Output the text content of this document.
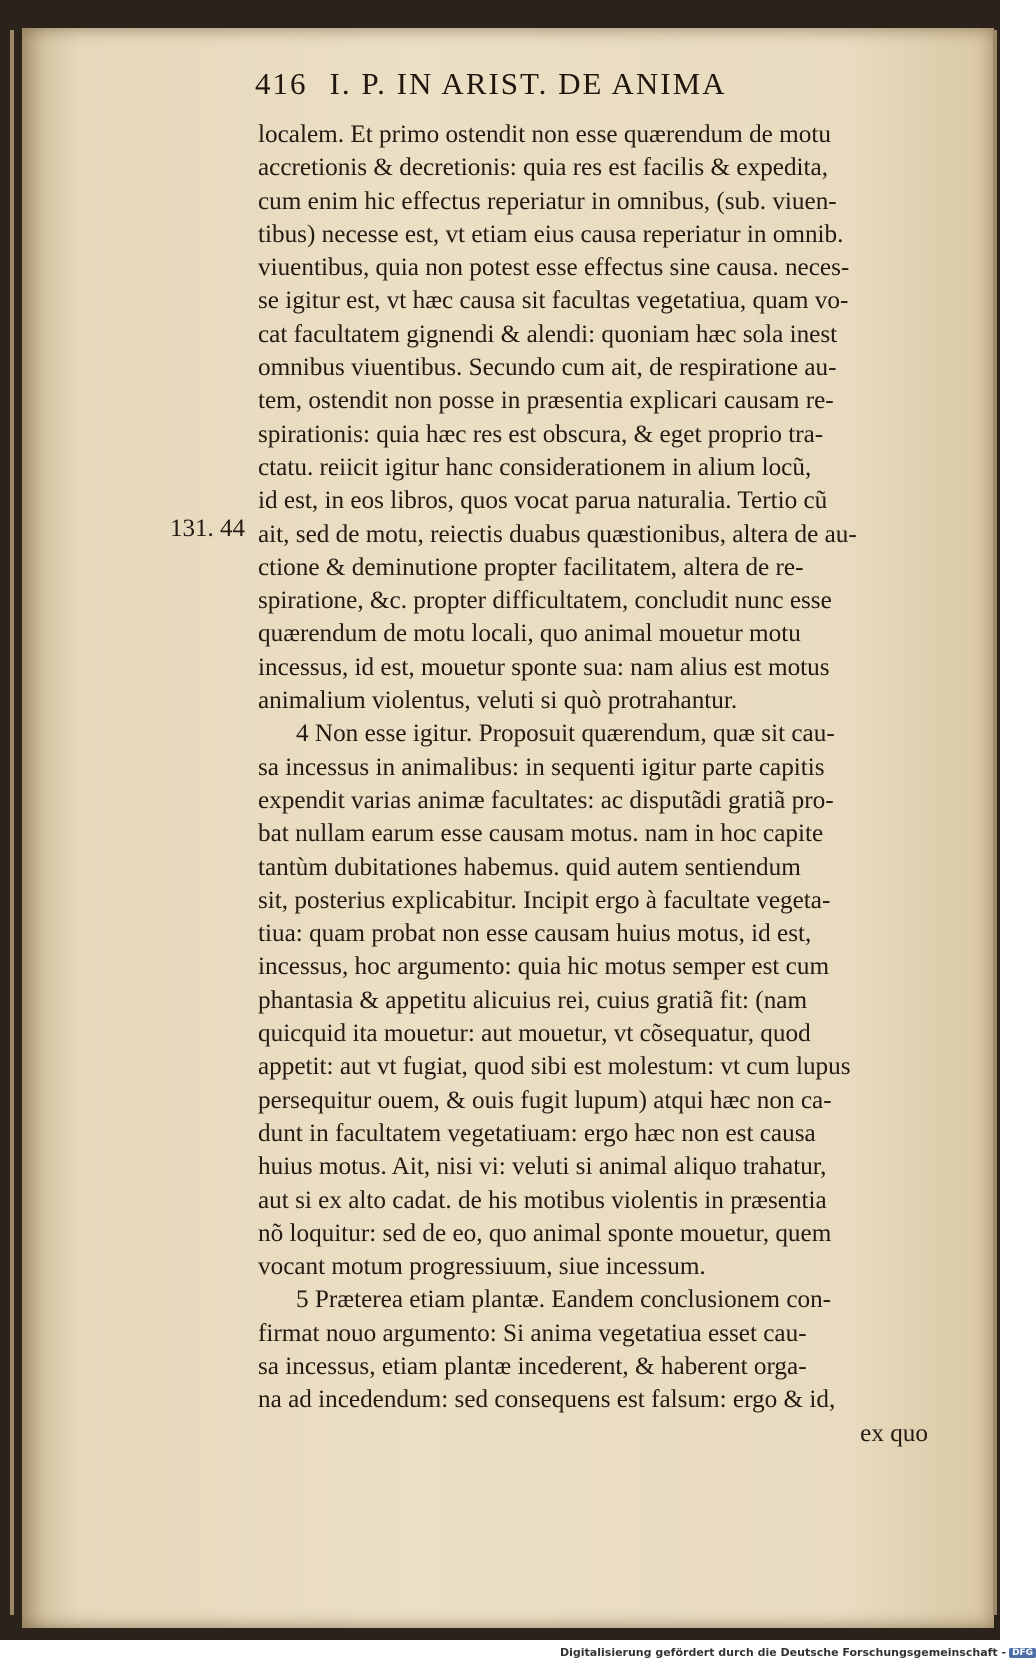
416 I. P. IN ARIST. DE ANIMA
131. 44
localem. Et primo ostendit non esse quærendum de motu
accretionis & decretionis: quia res est facilis & expedita,
cum enim hic effectus reperiatur in omnibus, (sub. viuen-
tibus) necesse est, vt etiam eius causa reperiatur in omnib.
viuentibus, quia non potest esse effectus sine causa. neces-
se igitur est, vt hæc causa sit facultas vegetatiua, quam vo-
cat facultatem gignendi & alendi: quoniam hæc sola inest
omnibus viuentibus. Secundo cum ait, de respiratione au-
tem, ostendit non posse in præsentia explicari causam re-
spirationis: quia hæc res est obscura, & eget proprio tra-
ctatu. reiicit igitur hanc considerationem in alium locũ,
id est, in eos libros, quos vocat parua naturalia. Tertio cũ
ait, sed de motu, reiectis duabus quæstionibus, altera de au-
ctione & deminutione propter facilitatem, altera de re-
spiratione, &c. propter difficultatem, concludit nunc esse
quærendum de motu locali, quo animal mouetur motu
incessus, id est, mouetur sponte sua: nam alius est motus
animalium violentus, veluti si quò protrahantur.
4 Non esse igitur. Proposuit quærendum, quæ sit cau-
sa incessus in animalibus: in sequenti igitur parte capitis
expendit varias animæ facultates: ac disputãdi gratiã pro-
bat nullam earum esse causam motus. nam in hoc capite
tantùm dubitationes habemus. quid autem sentiendum
sit, posterius explicabitur. Incipit ergo à facultate vegeta-
tiua: quam probat non esse causam huius motus, id est,
incessus, hoc argumento: quia hic motus semper est cum
phantasia & appetitu alicuius rei, cuius gratiã fit: (nam
quicquid ita mouetur: aut mouetur, vt cõsequatur, quod
appetit: aut vt fugiat, quod sibi est molestum: vt cum lupus
persequitur ouem, & ouis fugit lupum) atqui hæc non ca-
dunt in facultatem vegetatiuam: ergo hæc non est causa
huius motus. Ait, nisi vi: veluti si animal aliquo trahatur,
aut si ex alto cadat. de his motibus violentis in præsentia
nõ loquitur: sed de eo, quo animal sponte mouetur, quem
vocant motum progressiuum, siue incessum.
5 Præterea etiam plantæ. Eandem conclusionem con-
firmat nouo argumento: Si anima vegetatiua esset cau-
sa incessus, etiam plantæ incederent, & haberent orga-
na ad incedendum: sed consequens est falsum: ergo & id,
ex quo
Digitalisierung gefördert durch die Deutsche Forschungsgemeinschaft - DFG
